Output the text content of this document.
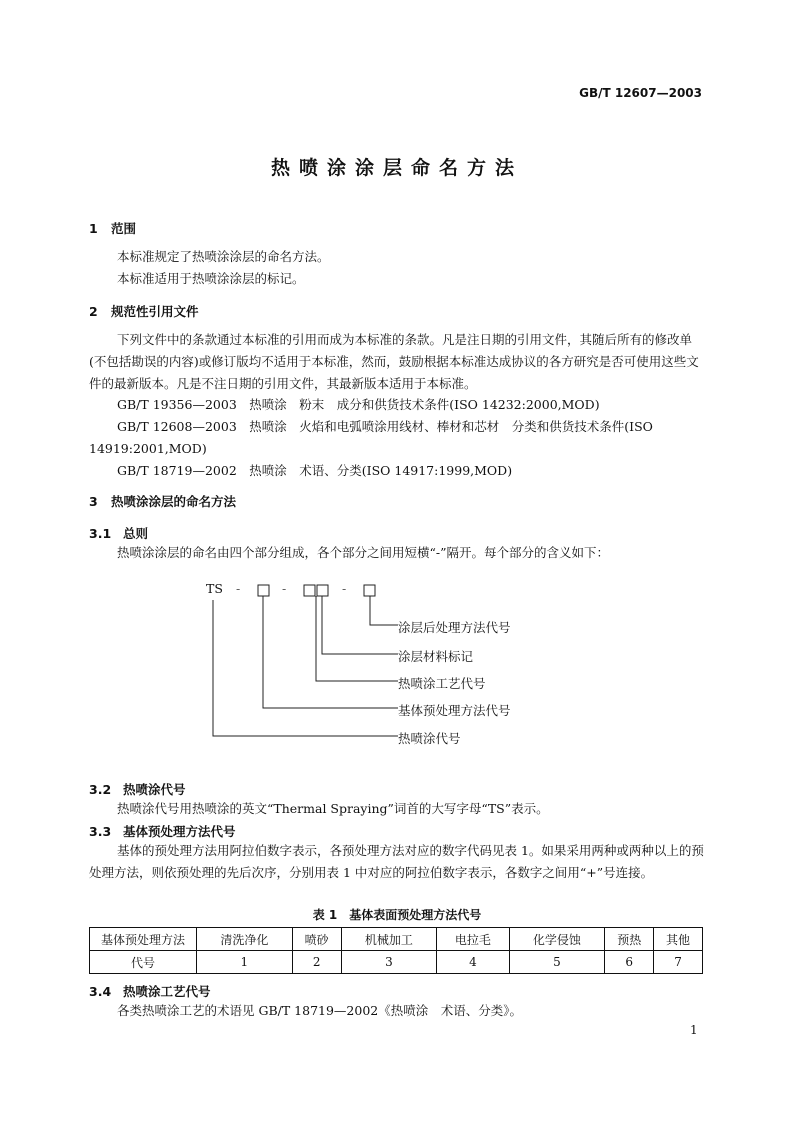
GB/T 12607—2003
热喷涂涂层命名方法
1 范围
本标准规定了热喷涂涂层的命名方法。
本标准适用于热喷涂涂层的标记。
2 规范性引用文件
下列文件中的条款通过本标准的引用而成为本标准的条款。凡是注日期的引用文件，其随后所有的修改单(不包括勘误的内容)或修订版均不适用于本标准，然而，鼓励根据本标准达成协议的各方研究是否可使用这些文件的最新版本。凡是不注日期的引用文件，其最新版本适用于本标准。
GB/T 19356—2003　热喷涂　粉末　成分和供货技术条件(ISO 14232:2000,MOD)
GB/T 12608—2003　热喷涂　火焰和电弧喷涂用线材、棒材和芯材　分类和供货技术条件(ISO
14919:2001,MOD)
GB/T 18719—2002　热喷涂　术语、分类(ISO 14917:1999,MOD)
3 热喷涂涂层的命名方法
3.1 总则
热喷涂涂层的命名由四个部分组成，各个部分之间用短横“-”隔开。每个部分的含义如下：
TS -	-	-
涂层后处理方法代号
涂层材料标记
热喷涂工艺代号
基体预处理方法代号
热喷涂代号
3.2 热喷涂代号
热喷涂代号用热喷涂的英文“Thermal Spraying”词首的大写字母“TS”表示。
3.3 基体预处理方法代号
基体的预处理方法用阿拉伯数字表示，各预处理方法对应的数字代码见表 1。如果采用两种或两种以上的预处理方法，则依预处理的先后次序，分别用表 1 中对应的阿拉伯数字表示，各数字之间用“+”号连接。
表 1　基体表面预处理方法代号
基体预处理方法	清洗净化	喷砂	机械加工	电拉毛	化学侵蚀	预热	其他
代号	1	2	3	4	5	6	7
3.4 热喷涂工艺代号
各类热喷涂工艺的术语见 GB/T 18719—2002《热喷涂　术语、分类》。
1
